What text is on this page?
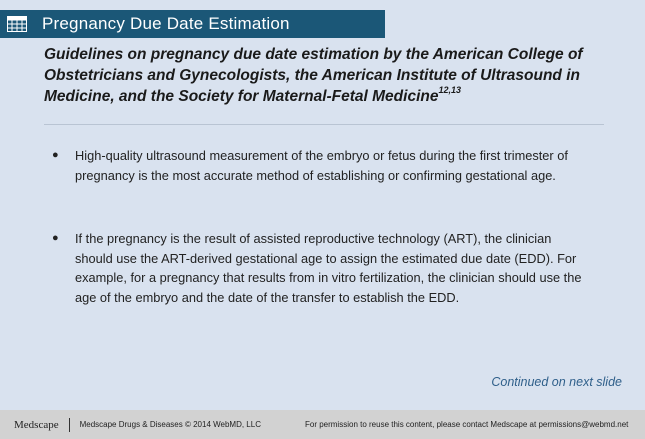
Pregnancy Due Date Estimation
Guidelines on pregnancy due date estimation by the American College of Obstetricians and Gynecologists, the American Institute of Ultrasound in Medicine, and the Society for Maternal-Fetal Medicine$^{12,13}$
●	High-quality ultrasound measurement of the embryo or fetus during the first trimester of pregnancy is the most accurate method of establishing or confirming gestational age.
●	If the pregnancy is the result of assisted reproductive technology (ART), the clinician should use the ART-derived gestational age to assign the estimated due date (EDD). For example, for a pregnancy that results from in vitro fertilization, the clinician should use the age of the embryo and the date of the transfer to establish the EDD.
Continued on next slide
Medscape	Medscape Drugs & Diseases © 2014 WebMD, LLC	For permission to reuse this content, please contact Medscape at permissions@webmd.net
